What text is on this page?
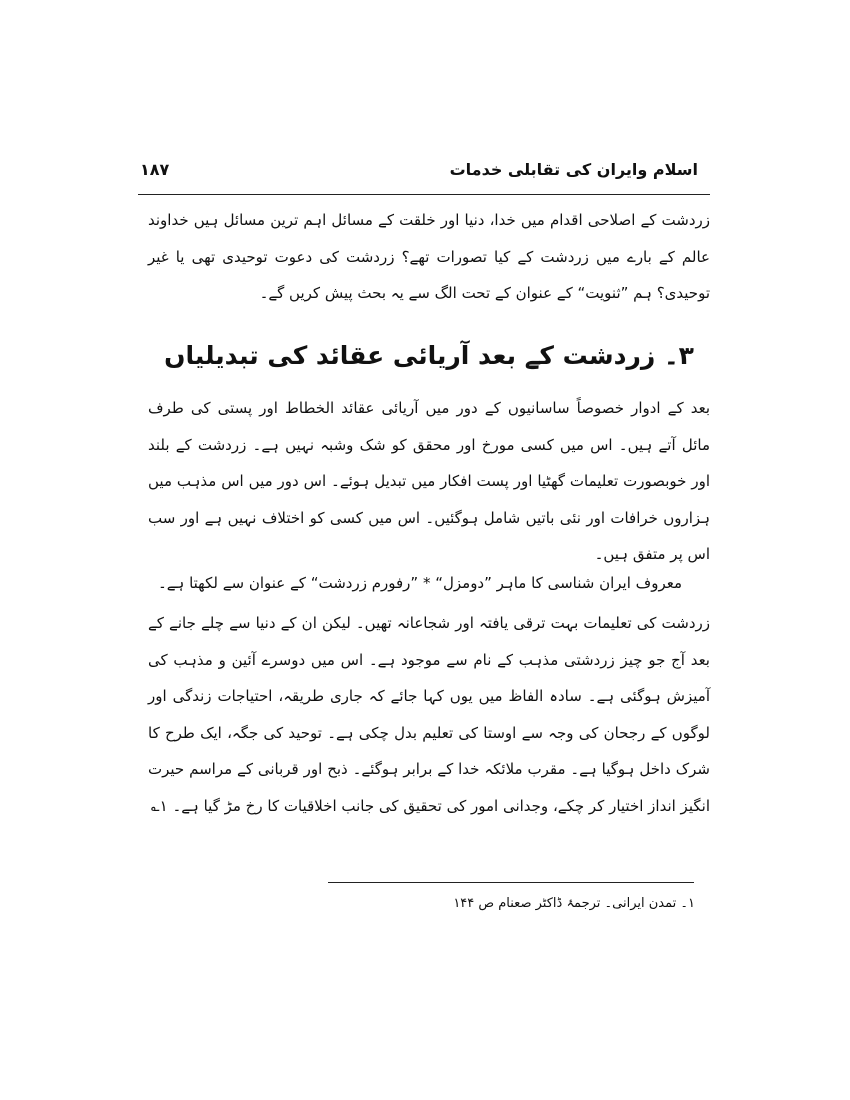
اسلام وایران کی تقابلی خدمات
۱۸۷

زردشت کے اصلاحی اقدام میں خدا، دنیا اور خلقت کے مسائل اہم ترین مسائل ہیں خداوند عالم کے بارے میں زردشت کے کیا تصورات تھے؟ زردشت کی دعوت توحیدی تھی یا غیر توحیدی؟ ہم ”ثنویت“ کے عنوان کے تحت الگ سے یہ بحث پیش کریں گے۔

۳۔ زردشت کے بعد آریائی عقائد کی تبدیلیاں

بعد کے ادوار خصوصاً ساسانیوں کے دور میں آریائی عقائد الخطاط اور پستی کی طرف مائل آتے ہیں۔ اس میں کسی مورخ اور محقق کو شک وشبہ نہیں ہے۔ زردشت کے بلند اور خوبصورت تعلیمات گھٹیا اور پست افکار میں تبدیل ہوئے۔ اس دور میں اس مذہب میں ہزاروں خرافات اور نئی باتیں شامل ہوگئیں۔ اس میں کسی کو اختلاف نہیں ہے اور سب اس پر متفق ہیں۔

معروف ایران شناسی کا ماہر ”دومزل“ * ”رفورم زردشت“ کے عنوان سے لکھتا ہے۔

زردشت کی تعلیمات بہت ترقی یافتہ اور شجاعانہ تھیں۔ لیکن ان کے دنیا سے چلے جانے کے بعد آج جو چیز زردشتی مذہب کے نام سے موجود ہے۔ اس میں دوسرے آئین و مذہب کی آمیزش ہوگئی ہے۔ سادہ الفاظ میں یوں کہا جائے کہ جاری طریقہ، احتیاجات زندگی اور لوگوں کے رجحان کی وجہ سے اوستا کی تعلیم بدل چکی ہے۔ توحید کی جگہ، ایک طرح کا شرک داخل ہوگیا ہے۔ مقرب ملائکہ خدا کے برابر ہوگئے۔ ذبح اور قربانی کے مراسم حیرت انگیز انداز اختیار کر چکے، وجدانی امور کی تحقیق کی جانب اخلاقیات کا رخ مڑ گیا ہے۔ ۱؎

۱۔ تمدن ایرانی۔ ترجمۂ ڈاکٹر صعنام ص ۱۴۴
